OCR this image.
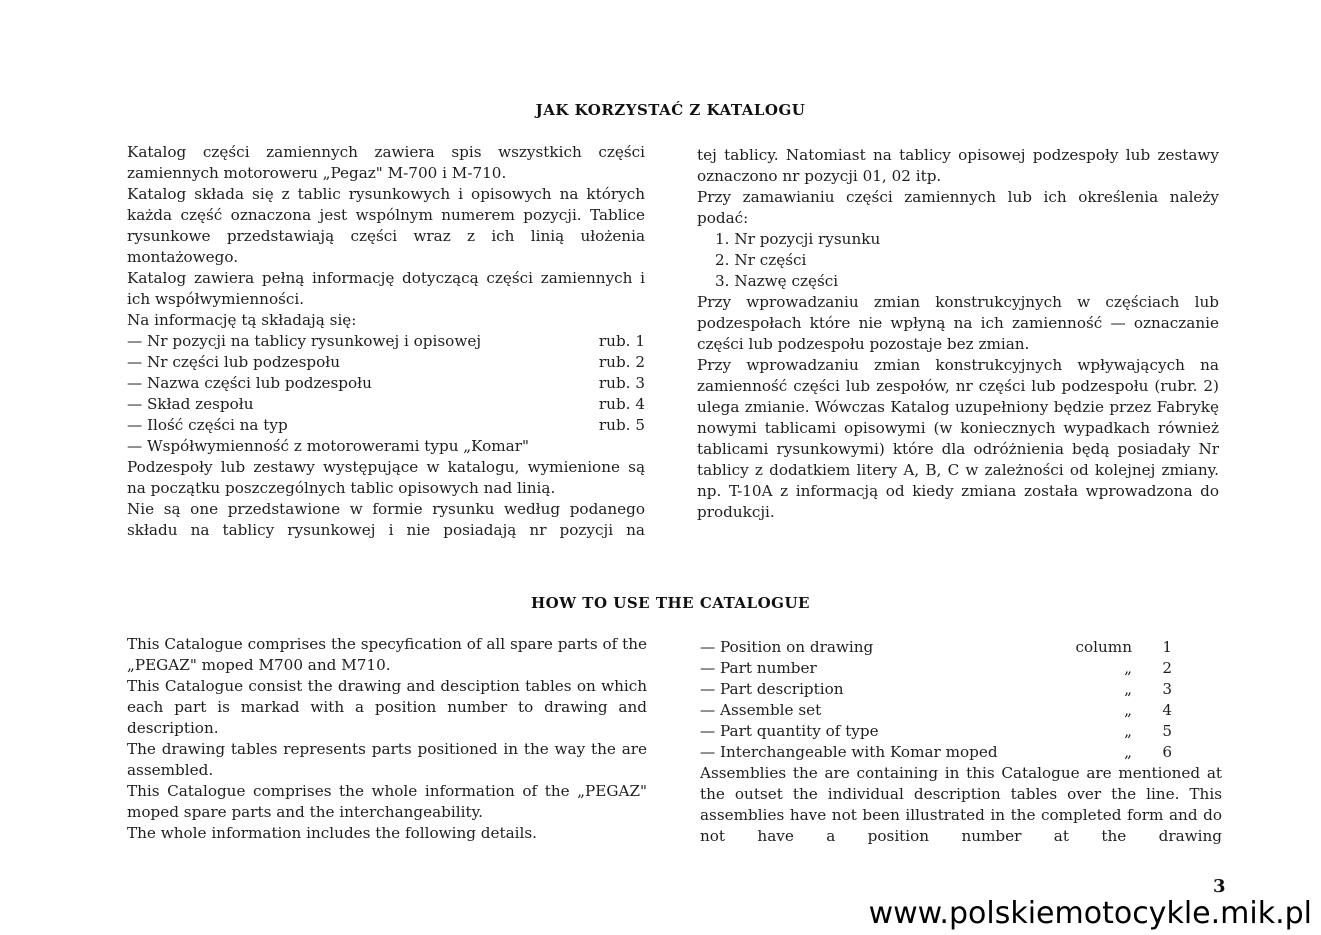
JAK KORZYSTAĆ Z KATALOGU

Katalog części zamiennych zawiera spis wszystkich części zamiennych motoroweru „Pegaz" M-700 i M-710.

Katalog składa się z tablic rysunkowych i opisowych na których każda część oznaczona jest wspólnym numerem pozycji. Tablice rysunkowe przedstawiają części wraz z ich linią ułożenia montażowego.

Katalog zawiera pełną informację dotyczącą części zamiennych i ich współwymienności.

Na informację tą składają się:

— Nr pozycji na tablicy rysunkowej i opisowej	rub. 1
— Nr części lub podzespołu	rub. 2
— Nazwa części lub podzespołu	rub. 3
— Skład zespołu	rub. 4
— Ilość części na typ	rub. 5
— Współwymienność z motorowerami typu „Komar"

Podzespoły lub zestawy występujące w katalogu, wymienione są na początku poszczególnych tablic opisowych nad linią.

Nie są one przedstawione w formie rysunku według podanego składu na tablicy rysunkowej i nie posiadają nr pozycji na

tej tablicy. Natomiast na tablicy opisowej podzespoły lub zestawy oznaczono nr pozycji 01, 02 itp.

Przy zamawianiu części zamiennych lub ich określenia należy podać:

1. Nr pozycji rysunku
2. Nr części
3. Nazwę części

Przy wprowadzaniu zmian konstrukcyjnych w częściach lub podzespołach które nie wpłyną na ich zamienność — oznaczanie części lub podzespołu pozostaje bez zmian.

Przy wprowadzaniu zmian konstrukcyjnych wpływających na zamienność części lub zespołów, nr części lub podzespołu (rubr. 2) ulega zmianie. Wówczas Katalog uzupełniony będzie przez Fabrykę nowymi tablicami opisowymi (w koniecznych wypadkach również tablicami rysunkowymi) które dla odróżnienia będą posiadały Nr tablicy z dodatkiem litery A, B, C w zależności od kolejnej zmiany. np. T-10A z informacją od kiedy zmiana została wprowadzona do produkcji.

HOW TO USE THE CATALOGUE

This Catalogue comprises the specyfication of all spare parts of the „PEGAZ" moped M700 and M710.

This Catalogue consist the drawing and desciption tables on which each part is markad with a position number to drawing and description.

The drawing tables represents parts positioned in the way the are assembled.

This Catalogue comprises the whole information of the „PEGAZ" moped spare parts and the interchangeability.

The whole information includes the following details.

— Position on drawing	column	1
— Part number	„	2
— Part description	„	3
— Assemble set	„	4
— Part quantity of type	„	5
— Interchangeable with Komar moped	„	6

Assemblies the are containing in this Catalogue are mentioned at the outset the individual description tables over the line. This assemblies have not been illustrated in the completed form and do not have a position number at the drawing

3
www.polskiemotocykle.mik.pl
